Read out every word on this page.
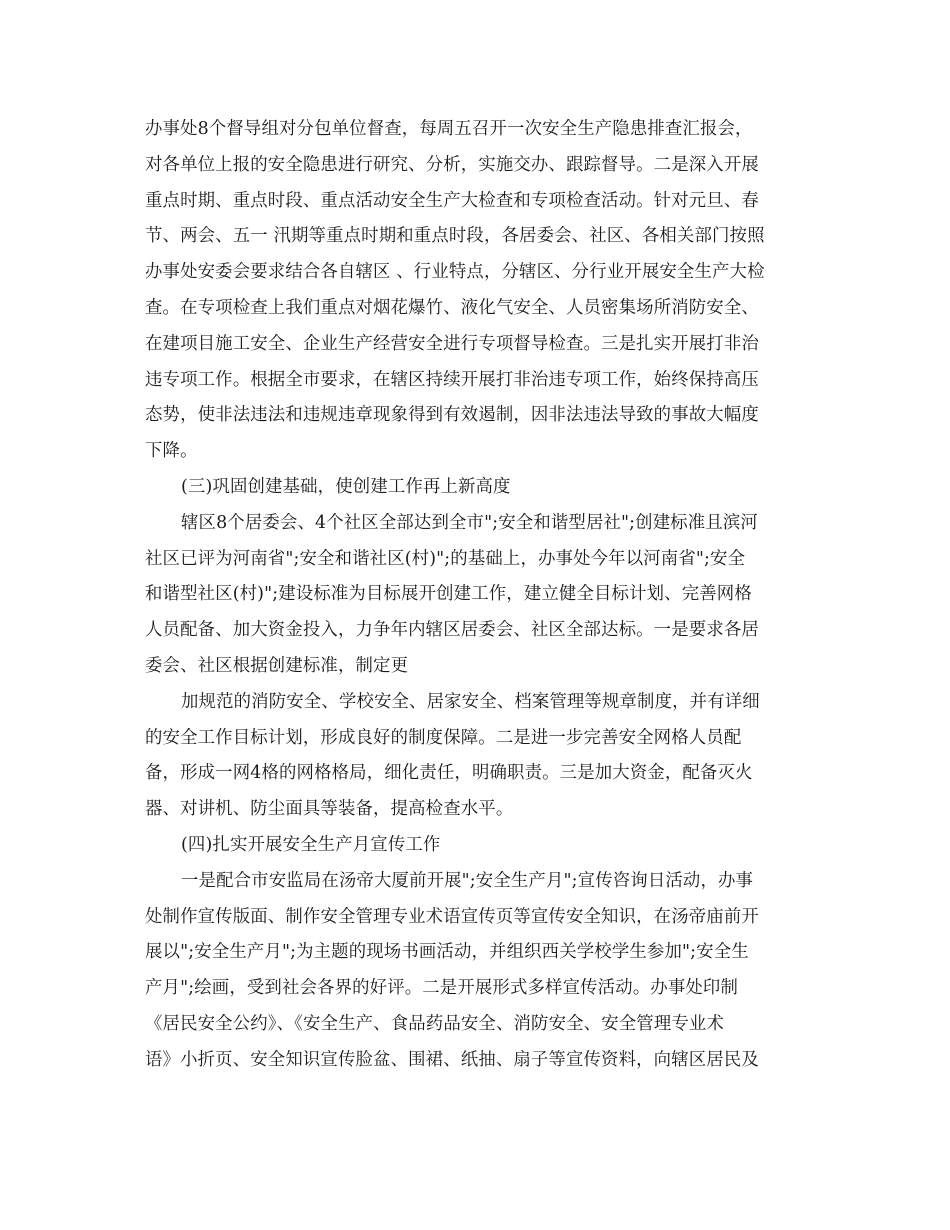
办事处8个督导组对分包单位督查，每周五召开一次安全生产隐患排查汇报会，
对各单位上报的安全隐患进行研究、分析，实施交办、跟踪督导。二是深入开展
重点时期、重点时段、重点活动安全生产大检查和专项检查活动。针对元旦、春
节、两会、五一 汛期等重点时期和重点时段，各居委会、社区、各相关部门按照
办事处安委会要求结合各自辖区 、行业特点，分辖区、分行业开展安全生产大检
查。在专项检查上我们重点对烟花爆竹、液化气安全、人员密集场所消防安全、
在建项目施工安全、企业生产经营安全进行专项督导检查。三是扎实开展打非治
违专项工作。根据全市要求，在辖区持续开展打非治违专项工作，始终保持高压
态势，使非法违法和违规违章现象得到有效遏制，因非法违法导致的事故大幅度
下降。
(三)巩固创建基础，使创建工作再上新高度
辖区8个居委会、4个社区全部达到全市";安全和谐型居社";创建标准且滨河
社区已评为河南省";安全和谐社区(村)";的基础上，办事处今年以河南省";安全
和谐型社区(村)";建设标准为目标展开创建工作，建立健全目标计划、完善网格
人员配备、加大资金投入，力争年内辖区居委会、社区全部达标。一是要求各居
委会、社区根据创建标准，制定更
加规范的消防安全、学校安全、居家安全、档案管理等规章制度，并有详细
的安全工作目标计划，形成良好的制度保障。二是进一步完善安全网格人员配
备，形成一网4格的网格格局，细化责任，明确职责。三是加大资金，配备灭火
器、对讲机、防尘面具等装备，提高检查水平。
(四)扎实开展安全生产月宣传工作
一是配合市安监局在汤帝大厦前开展";安全生产月";宣传咨询日活动，办事
处制作宣传版面、制作安全管理专业术语宣传页等宣传安全知识，在汤帝庙前开
展以";安全生产月";为主题的现场书画活动，并组织西关学校学生参加";安全生
产月";绘画，受到社会各界的好评。二是开展形式多样宣传活动。办事处印制
《居民安全公约》、《安全生产、食品药品安全、消防安全、安全管理专业术
语》小折页、安全知识宣传脸盆、围裙、纸抽、扇子等宣传资料，向辖区居民及
